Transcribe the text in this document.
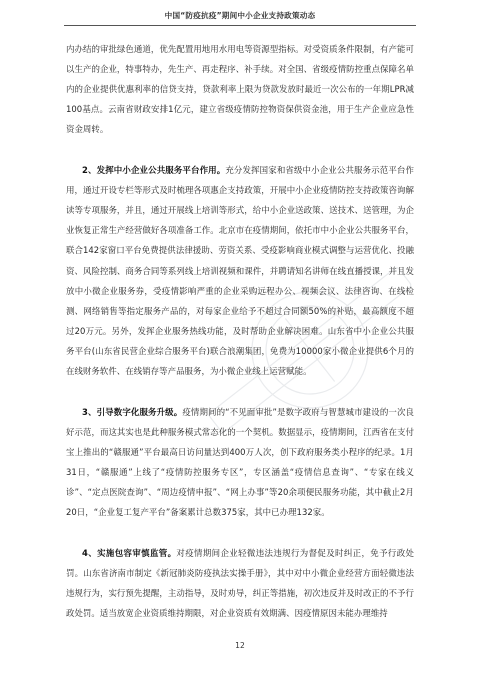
中国“防疫抗疫”期间中小企业支持政策动态

内办结的审批绿色通道，优先配置用地用水用电等资源型指标。对受资质条件限制，有产能可以生产的企业，特事特办，先生产、再走程序、补手续。对全国、省级疫情防控重点保障名单内的企业提供优惠利率的信贷支持，贷款利率上限为贷款发放时最近一次公布的一年期LPR减100基点。云南省财政安排1亿元，建立省级疫情防控物资保供资金池，用于生产企业应急性资金周转。

2、发挥中小企业公共服务平台作用。充分发挥国家和省级中小企业公共服务示范平台作用，通过开设专栏等形式及时梳理各项惠企支持政策，开展中小企业疫情防控支持政策咨询解读等专项服务，并且，通过开展线上培训等形式，给中小企业送政策、送技术、送管理，为企业恢复正常生产经营做好各项准备工作。北京市在疫情期间，依托市中小企业公共服务平台，联合142家窗口平台免费提供法律援助、劳资关系、受疫影响商业模式调整与运营优化、投融资、风险控制、商务合同等系列线上培训视频和课件，并聘请知名讲师在线直播授课，并且发放中小微企业服务券，受疫情影响严重的企业采购远程办公、视频会议、法律咨询、在线检测、网络销售等指定服务产品的，对每家企业给予不超过合同额50%的补贴，最高额度不超过20万元。另外，发挥企业服务热线功能，及时帮助企业解决困难。山东省中小企业公共服务平台(山东省民营企业综合服务平台)联合浪潮集团，免费为10000家小微企业提供6个月的在线财务软件、在线销存等产品服务，为小微企业线上运营赋能。

3、引导数字化服务升级。疫情期间的“不见面审批”是数字政府与智慧城市建设的一次良好示范，而这其实也是此种服务模式常态化的一个契机。数据显示，疫情期间，江西省在支付宝上推出的“赣服通”平台最高日访问量达到400万人次，创下政府服务类小程序的纪录。1月31日，“赣服通”上线了“疫情防控服务专区”，专区涵盖“疫情信息查询”、“专家在线义诊”、“定点医院查询”、“周边疫情申报”、“网上办事”等20余项便民服务功能，其中截止2月20日，“企业复工复产平台”备案累计总数375家，其中已办理132家。

4、实施包容审慎监管。对疫情期间企业轻微违法违规行为督促及时纠正，免予行政处罚。山东省济南市制定《新冠肺炎防疫执法实操手册》，其中对中小微企业经营方面轻微违法违规行为，实行预先提醒，主动指导，及时劝导，纠正等措施，初次违反并及时改正的不予行政处罚。适当放宽企业资质维持期限，对企业资质有效期满、因疫情原因未能办理维持

12
